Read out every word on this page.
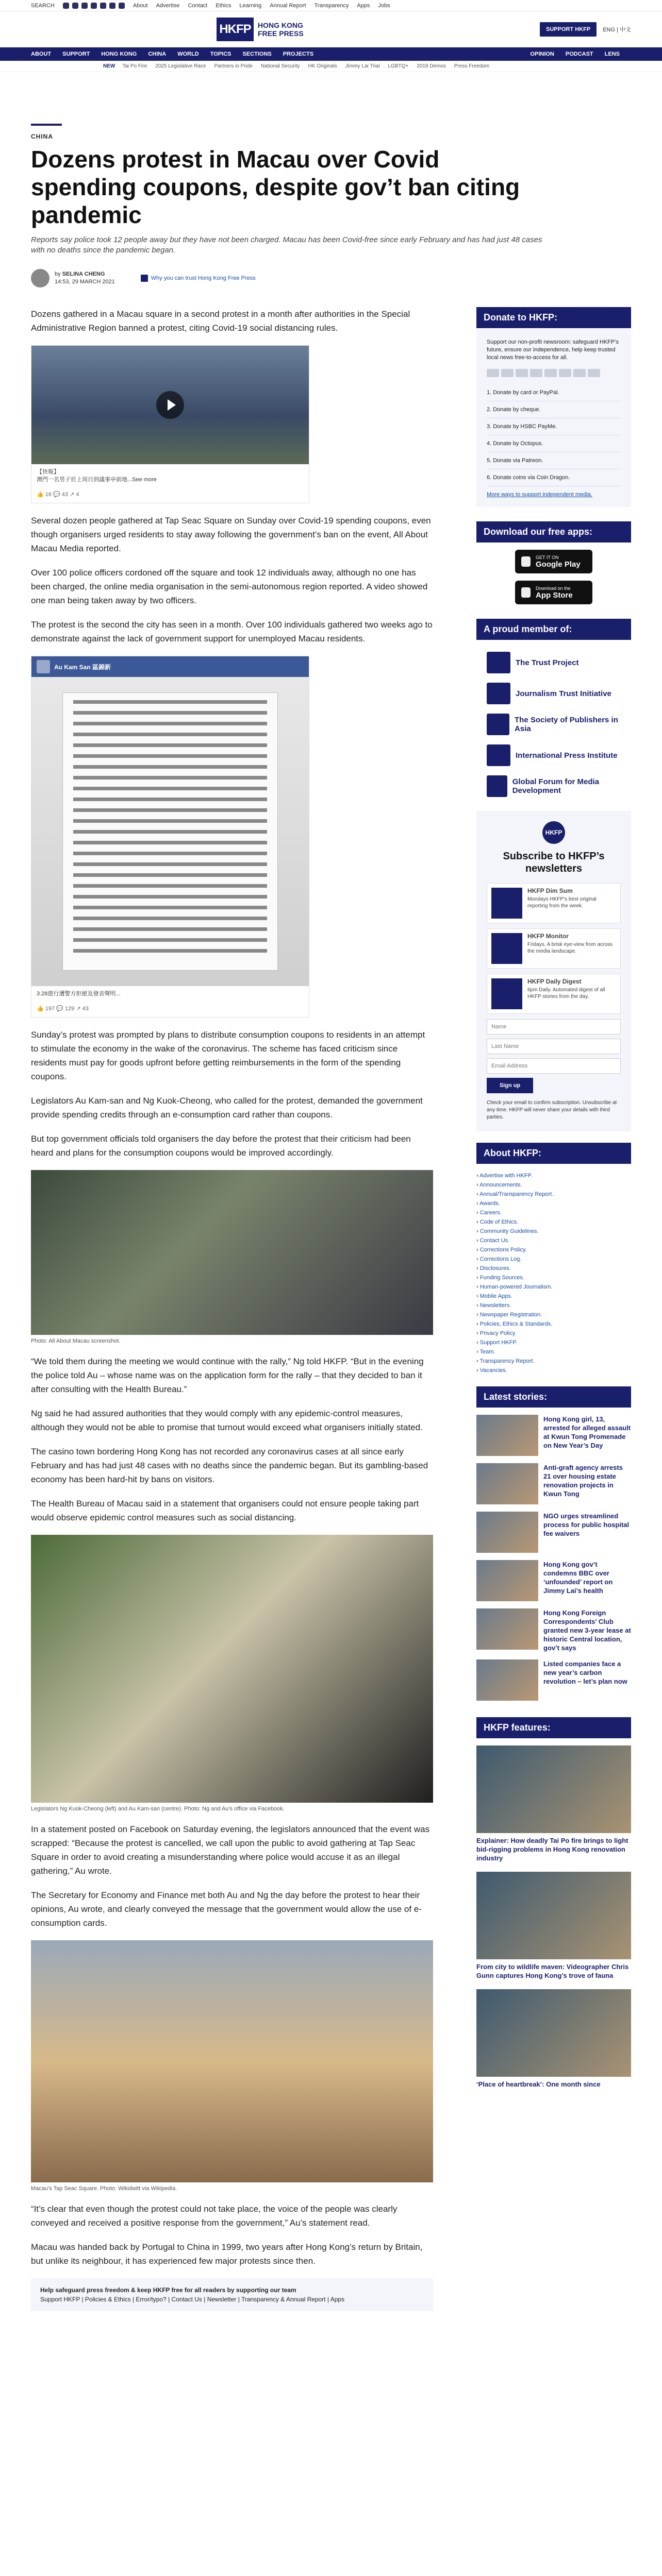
SEARCH	About Advertise Contact Ethics Learning Annual Report Transparency Apps Jobs
HKFP HONG KONG
FREE PRESS	SUPPORT HKFP	ENG | 中文
ABOUT SUPPORT HONG KONG CHINA WORLD TOPICS SECTIONS PROJECTS	OPINION PODCAST LENS
NEW Tai Po Fire 2025 Legislative Race Partners in Pride National Security HK Originals Jimmy Lai Trial LGBTQ+ 2019 Demos Press Freedom
CHINA
Dozens protest in Macau over Covid spending coupons, despite gov’t ban citing pandemic
Reports say police took 12 people away but they have not been charged. Macau has been Covid-free since early February and has had just 48 cases with no deaths since the pandemic began.
by SELINA CHENG
14:53, 29 MARCH 2021
Why you can trust Hong Kong Free Press

Dozens gathered in a Macau square in a second protest in a month after authorities in the Special Administrative Region banned a protest, citing Covid-19 social distancing rules.

【快報】
澳門一名男子於上周日到議事亭前地...See more
👍 16 💬 43 ↗ 4

Several dozen people gathered at Tap Seac Square on Sunday over Covid-19 spending coupons, even though organisers urged residents to stay away following the government’s ban on the event, All About Macau Media reported.

Over 100 police officers cordoned off the square and took 12 individuals away, although no one has been charged, the online media organisation in the semi-autonomous region reported. A video showed one man being taken away by two officers.

The protest is the second the city has seen in a month. Over 100 individuals gathered two weeks ago to demonstrate against the lack of government support for unemployed Macau residents.

Au Kam San 區錦新
3.28遊行遭警方拒絕及發表聲明...
👍 197 💬 129 ↗ 43

Sunday’s protest was prompted by plans to distribute consumption coupons to residents in an attempt to stimulate the economy in the wake of the coronavirus. The scheme has faced criticism since residents must pay for goods upfront before getting reimbursements in the form of the spending coupons.

Legislators Au Kam-san and Ng Kuok-Cheong, who called for the protest, demanded the government provide spending credits through an e-consumption card rather than coupons.

But top government officials told organisers the day before the protest that their criticism had been heard and plans for the consumption coupons would be improved accordingly.

Photo: All About Macau screenshot.

“We told them during the meeting we would continue with the rally,” Ng told HKFP. “But in the evening the police told Au – whose name was on the application form for the rally – that they decided to ban it after consulting with the Health Bureau.”

Ng said he had assured authorities that they would comply with any epidemic-control measures, although they would not be able to promise that turnout would exceed what organisers initially stated.

The casino town bordering Hong Kong has not recorded any coronavirus cases at all since early February and has had just 48 cases with no deaths since the pandemic began. But its gambling-based economy has been hard-hit by bans on visitors.

The Health Bureau of Macau said in a statement that organisers could not ensure people taking part would observe epidemic control measures such as social distancing.

Legislators Ng Kuok-Cheong (left) and Au Kam-san (centre). Photo: Ng and Au’s office via Facebook.

In a statement posted on Facebook on Saturday evening, the legislators announced that the event was scrapped: “Because the protest is cancelled, we call upon the public to avoid gathering at Tap Seac Square in order to avoid creating a misunderstanding where police would accuse it as an illegal gathering,” Au wrote.

The Secretary for Economy and Finance met both Au and Ng the day before the protest to hear their opinions, Au wrote, and clearly conveyed the message that the government would allow the use of e-consumption cards.

Macau’s Tap Seac Square. Photo: Wikidwitt via Wikipedia.

“It’s clear that even though the protest could not take place, the voice of the people was clearly conveyed and received a positive response from the government,” Au’s statement read.

Macau was handed back by Portugal to China in 1999, two years after Hong Kong’s return by Britain, but unlike its neighbour, it has experienced few major protests since then.

Help safeguard press freedom & keep HKFP free for all readers by supporting our team
Support HKFP | Policies & Ethics | Error/typo? | Contact Us | Newsletter | Transparency & Annual Report | Apps
Donate to HKFP:
Support our non-profit newsroom: safeguard HKFP’s future, ensure our independence, help keep trusted local news free-to-access for all.
1. Donate by card or PayPal.
2. Donate by cheque.
3. Donate by HSBC PayMe.
4. Donate by Octopus.
5. Donate via Patreon.
6. Donate coins via Coin Dragon.
More ways to support independent media.
Download our free apps:
GET IT ON
Google Play
Download on the
App Store
A proud member of:
The Trust Project
Journalism Trust Initiative
The Society of Publishers in Asia
International Press Institute
Global Forum for Media Development
HKFP
Subscribe to HKFP’s newsletters
HKFP Dim Sum
Mondays HKFP’s best original reporting from the week.
HKFP Monitor
Fridays. A brisk eye-view from across the media landscape.
HKFP Daily Digest
6pm Daily. Automated digest of all HKFP stories from the day.
Name
Last Name
Email Address
Sign up
Check your email to confirm subscription. Unsubscribe at any time. HKFP will never share your details with third parties.
About HKFP:
› Advertise with HKFP.
› Announcements.
› Annual/Transparency Report.
› Awards.
› Careers.
› Code of Ethics.
› Community Guidelines.
› Contact Us.
› Corrections Policy.
› Corrections Log.
› Disclosures.
› Funding Sources.
› Human-powered Journalism.
› Mobile Apps.
› Newsletters.
› Newspaper Registration.
› Policies, Ethics & Standards.
› Privacy Policy.
› Support HKFP.
› Team.
› Transparency Report.
› Vacancies.
Latest stories:
Hong Kong girl, 13, arrested for alleged assault at Kwun Tong Promenade on New Year’s Day
Anti-graft agency arrests 21 over housing estate renovation projects in Kwun Tong
NGO urges streamlined process for public hospital fee waivers
Hong Kong gov’t condemns BBC over ‘unfounded’ report on Jimmy Lai’s health
Hong Kong Foreign Correspondents’ Club granted new 3-year lease at historic Central location, gov’t says
Listed companies face a new year’s carbon revolution – let’s plan now
HKFP features:
Explainer: How deadly Tai Po fire brings to light bid-rigging problems in Hong Kong renovation industry
From city to wildlife maven: Videographer Chris Gunn captures Hong Kong’s trove of fauna
‘Place of heartbreak’: One month since
